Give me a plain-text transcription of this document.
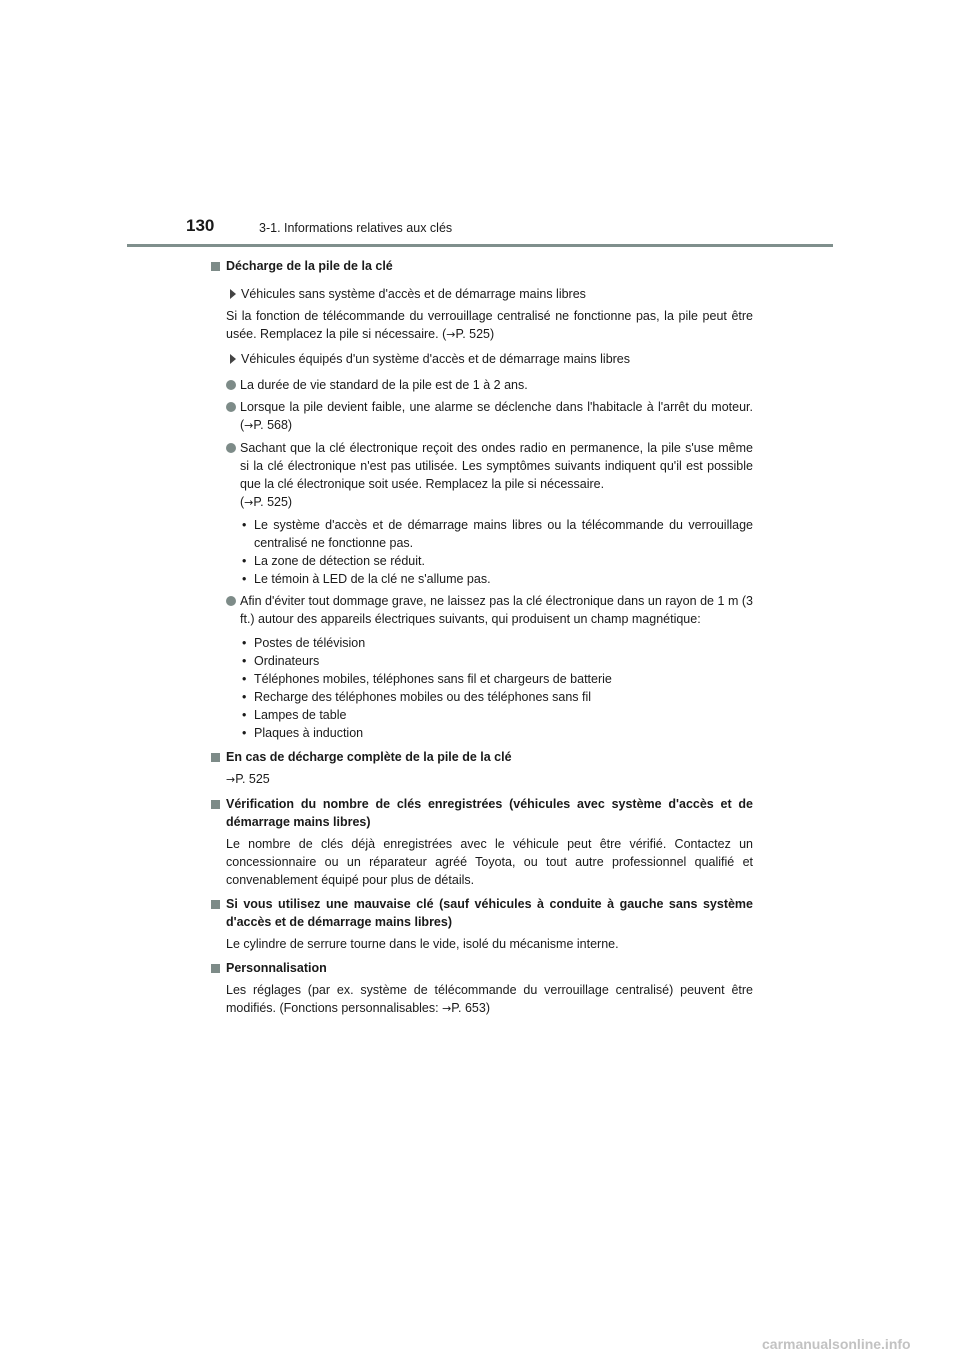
130	3-1. Informations relatives aux clés
Décharge de la pile de la clé
Véhicules sans système d'accès et de démarrage mains libres
Si la fonction de télécommande du verrouillage centralisé ne fonctionne pas, la pile peut être usée. Remplacez la pile si nécessaire. (→P. 525)
Véhicules équipés d'un système d'accès et de démarrage mains libres
La durée de vie standard de la pile est de 1 à 2 ans.
Lorsque la pile devient faible, une alarme se déclenche dans l'habitacle à l'arrêt du moteur. (→P. 568)
Sachant que la clé électronique reçoit des ondes radio en permanence, la pile s'use même si la clé électronique n'est pas utilisée. Les symptômes suivants indiquent qu'il est possible que la clé électronique soit usée. Remplacez la pile si nécessaire.
(→P. 525)
• Le système d'accès et de démarrage mains libres ou la télécommande du verrouillage centralisé ne fonctionne pas.
• La zone de détection se réduit.
• Le témoin à LED de la clé ne s'allume pas.
Afin d'éviter tout dommage grave, ne laissez pas la clé électronique dans un rayon de 1 m (3 ft.) autour des appareils électriques suivants, qui produisent un champ magnétique:
• Postes de télévision
• Ordinateurs
• Téléphones mobiles, téléphones sans fil et chargeurs de batterie
• Recharge des téléphones mobiles ou des téléphones sans fil
• Lampes de table
• Plaques à induction
En cas de décharge complète de la pile de la clé
→P. 525
Vérification du nombre de clés enregistrées (véhicules avec système d'accès et de démarrage mains libres)
Le nombre de clés déjà enregistrées avec le véhicule peut être vérifié. Contactez un concessionnaire ou un réparateur agréé Toyota, ou tout autre professionnel qualifié et convenablement équipé pour plus de détails.
Si vous utilisez une mauvaise clé (sauf véhicules à conduite à gauche sans système d'accès et de démarrage mains libres)
Le cylindre de serrure tourne dans le vide, isolé du mécanisme interne.
Personnalisation
Les réglages (par ex. système de télécommande du verrouillage centralisé) peuvent être modifiés. (Fonctions personnalisables: →P. 653)
carmanualsonline.info
